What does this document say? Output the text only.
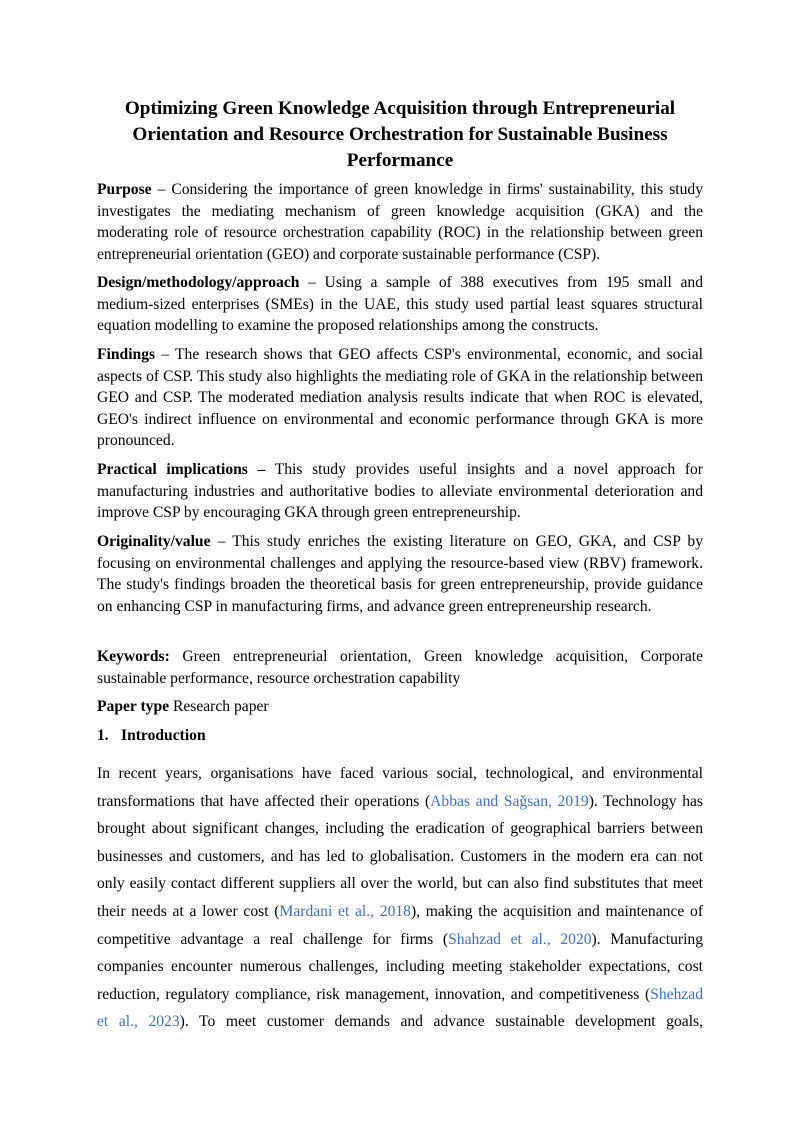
Optimizing Green Knowledge Acquisition through Entrepreneurial Orientation and Resource Orchestration for Sustainable Business Performance
Purpose – Considering the importance of green knowledge in firms' sustainability, this study investigates the mediating mechanism of green knowledge acquisition (GKA) and the moderating role of resource orchestration capability (ROC) in the relationship between green entrepreneurial orientation (GEO) and corporate sustainable performance (CSP).
Design/methodology/approach – Using a sample of 388 executives from 195 small and medium-sized enterprises (SMEs) in the UAE, this study used partial least squares structural equation modelling to examine the proposed relationships among the constructs.
Findings – The research shows that GEO affects CSP's environmental, economic, and social aspects of CSP. This study also highlights the mediating role of GKA in the relationship between GEO and CSP. The moderated mediation analysis results indicate that when ROC is elevated, GEO's indirect influence on environmental and economic performance through GKA is more pronounced.
Practical implications – This study provides useful insights and a novel approach for manufacturing industries and authoritative bodies to alleviate environmental deterioration and improve CSP by encouraging GKA through green entrepreneurship.
Originality/value – This study enriches the existing literature on GEO, GKA, and CSP by focusing on environmental challenges and applying the resource-based view (RBV) framework. The study's findings broaden the theoretical basis for green entrepreneurship, provide guidance on enhancing CSP in manufacturing firms, and advance green entrepreneurship research.
Keywords: Green entrepreneurial orientation, Green knowledge acquisition, Corporate sustainable performance, resource orchestration capability
Paper type Research paper
1. Introduction
In recent years, organisations have faced various social, technological, and environmental transformations that have affected their operations (Abbas and Sağsan, 2019). Technology has brought about significant changes, including the eradication of geographical barriers between businesses and customers, and has led to globalisation. Customers in the modern era can not only easily contact different suppliers all over the world, but can also find substitutes that meet their needs at a lower cost (Mardani et al., 2018), making the acquisition and maintenance of competitive advantage a real challenge for firms (Shahzad et al., 2020). Manufacturing companies encounter numerous challenges, including meeting stakeholder expectations, cost reduction, regulatory compliance, risk management, innovation, and competitiveness (Shehzad et al., 2023). To meet customer demands and advance sustainable development goals,
